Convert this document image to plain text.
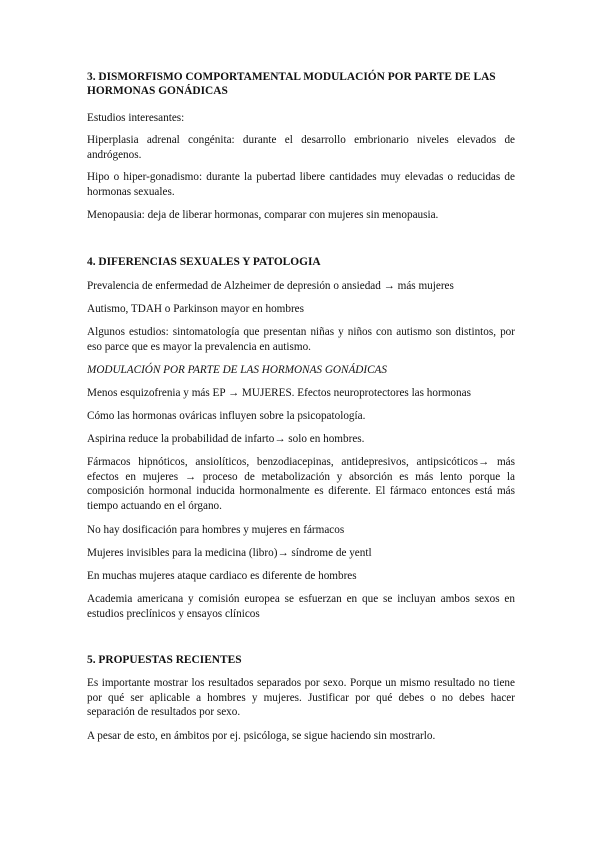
3. DISMORFISMO COMPORTAMENTAL MODULACIÓN POR PARTE DE LAS HORMONAS GONÁDICAS
Estudios interesantes:
Hiperplasia adrenal congénita: durante el desarrollo embrionario niveles elevados de andrógenos.
Hipo o hiper-gonadismo: durante la pubertad libere cantidades muy elevadas o reducidas de hormonas sexuales.
Menopausia: deja de liberar hormonas, comparar con mujeres sin menopausia.
4. DIFERENCIAS SEXUALES Y PATOLOGIA
Prevalencia de enfermedad de Alzheimer de depresión o ansiedad → más mujeres
Autismo, TDAH o Parkinson mayor en hombres
Algunos estudios: sintomatología que presentan niñas y niños con autismo son distintos, por eso parce que es mayor la prevalencia en autismo.
MODULACIÓN POR PARTE DE LAS HORMONAS GONÁDICAS
Menos esquizofrenia y más EP → MUJERES. Efectos neuroprotectores las hormonas
Cómo las hormonas ováricas influyen sobre la psicopatología.
Aspirina reduce la probabilidad de infarto→ solo en hombres.
Fármacos hipnóticos, ansiolíticos, benzodiacepinas, antidepresivos, antipsicóticos→ más efectos en mujeres → proceso de metabolización y absorción es más lento porque la composición hormonal inducida hormonalmente es diferente. El fármaco entonces está más tiempo actuando en el órgano.
No hay dosificación para hombres y mujeres en fármacos
Mujeres invisibles para la medicina (libro)→ síndrome de yentl
En muchas mujeres ataque cardiaco es diferente de hombres
Academia americana y comisión europea se esfuerzan en que se incluyan ambos sexos en estudios preclínicos y ensayos clínicos
5. PROPUESTAS RECIENTES
Es importante mostrar los resultados separados por sexo. Porque un mismo resultado no tiene por qué ser aplicable a hombres y mujeres. Justificar por qué debes o no debes hacer separación de resultados por sexo.
A pesar de esto, en ámbitos por ej. psicóloga, se sigue haciendo sin mostrarlo.
